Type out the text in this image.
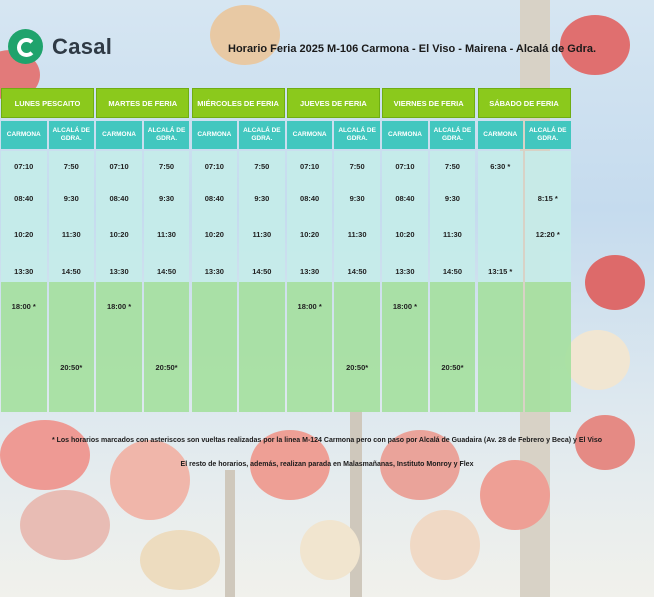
Casal	Horario Feria 2025 M-106 Carmona - El Viso - Mairena - Alcalá de Gdra.
LUNES PESCAITO
CARMONA
07:10
08:40
10:20
13:30
18:00 *
ALCALÁ DE GDRA.
7:50
9:30
11:30
14:50
20:50*
MARTES DE FERIA
CARMONA
07:10
08:40
10:20
13:30
18:00 *
ALCALÁ DE GDRA.
7:50
9:30
11:30
14:50
20:50*
MIÉRCOLES DE FERIA
CARMONA
07:10
08:40
10:20
13:30
ALCALÁ DE GDRA.
7:50
9:30
11:30
14:50
JUEVES DE FERIA
CARMONA
07:10
08:40
10:20
13:30
18:00 *
ALCALÁ DE GDRA.
7:50
9:30
11:30
14:50
20:50*
VIERNES DE FERIA
CARMONA
07:10
08:40
10:20
13:30
18:00 *
ALCALÁ DE GDRA.
7:50
9:30
11:30
14:50
20:50*
SÁBADO DE FERIA
CARMONA
6:30 *
13:15 *
ALCALÁ DE GDRA.
8:15 *
12:20 *
* Los horarios marcados con asteriscos son vueltas realizadas por la linea M-124 Carmona pero con paso por Alcalá de Guadaira (Av. 28 de Febrero y Beca) y El Viso
El resto de horarios, además, realizan parada en Malasmañanas, Instituto Monroy y Flex
